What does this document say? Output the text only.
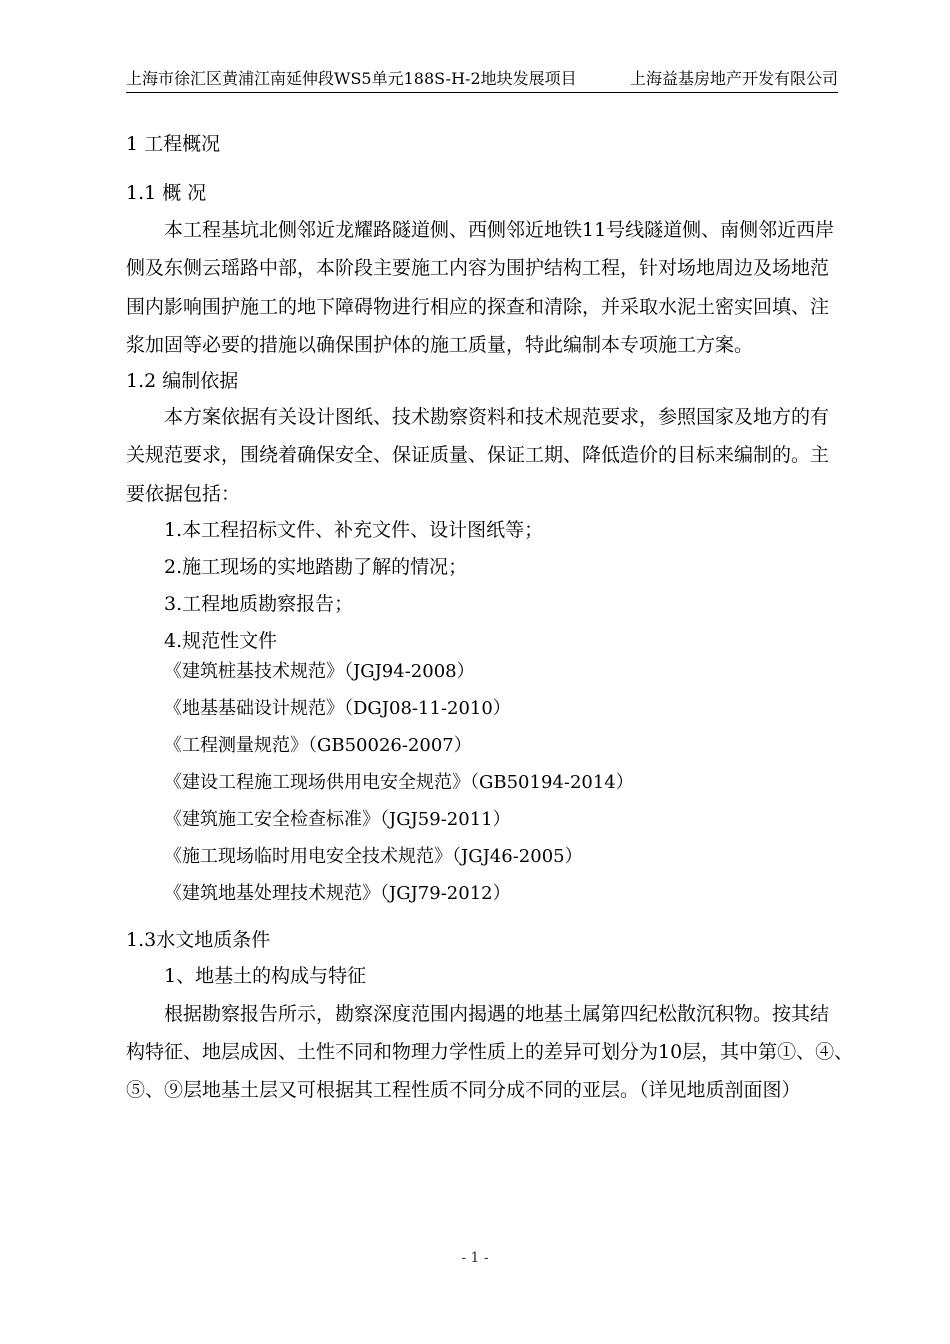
上海市徐汇区黄浦江南延伸段WS5单元188S-H-2地块发展项目	上海益基房地产开发有限公司
1 工程概况
1.1 概 况
本工程基坑北侧邻近龙耀路隧道侧、西侧邻近地铁11号线隧道侧、南侧邻近西岸
侧及东侧云瑶路中部，本阶段主要施工内容为围护结构工程，针对场地周边及场地范
围内影响围护施工的地下障碍物进行相应的探查和清除，并采取水泥土密实回填、注
浆加固等必要的措施以确保围护体的施工质量，特此编制本专项施工方案。
1.2 编制依据
本方案依据有关设计图纸、技术勘察资料和技术规范要求，参照国家及地方的有
关规范要求，围绕着确保安全、保证质量、保证工期、降低造价的目标来编制的。主
要依据包括：
1.本工程招标文件、补充文件、设计图纸等；
2.施工现场的实地踏勘了解的情况；
3.工程地质勘察报告；
4.规范性文件
《建筑桩基技术规范》（JGJ94-2008）
《地基基础设计规范》（DGJ08-11-2010）
《工程测量规范》（GB50026-2007）
《建设工程施工现场供用电安全规范》（GB50194-2014）
《建筑施工安全检查标准》（JGJ59-2011）
《施工现场临时用电安全技术规范》（JGJ46-2005）
《建筑地基处理技术规范》（JGJ79-2012）
1.3水文地质条件
1、地基土的构成与特征
根据勘察报告所示，勘察深度范围内揭遇的地基土属第四纪松散沉积物。按其结
构特征、地层成因、土性不同和物理力学性质上的差异可划分为10层，其中第①、④、
⑤、⑨层地基土层又可根据其工程性质不同分成不同的亚层。（详见地质剖面图）
- 1 -
